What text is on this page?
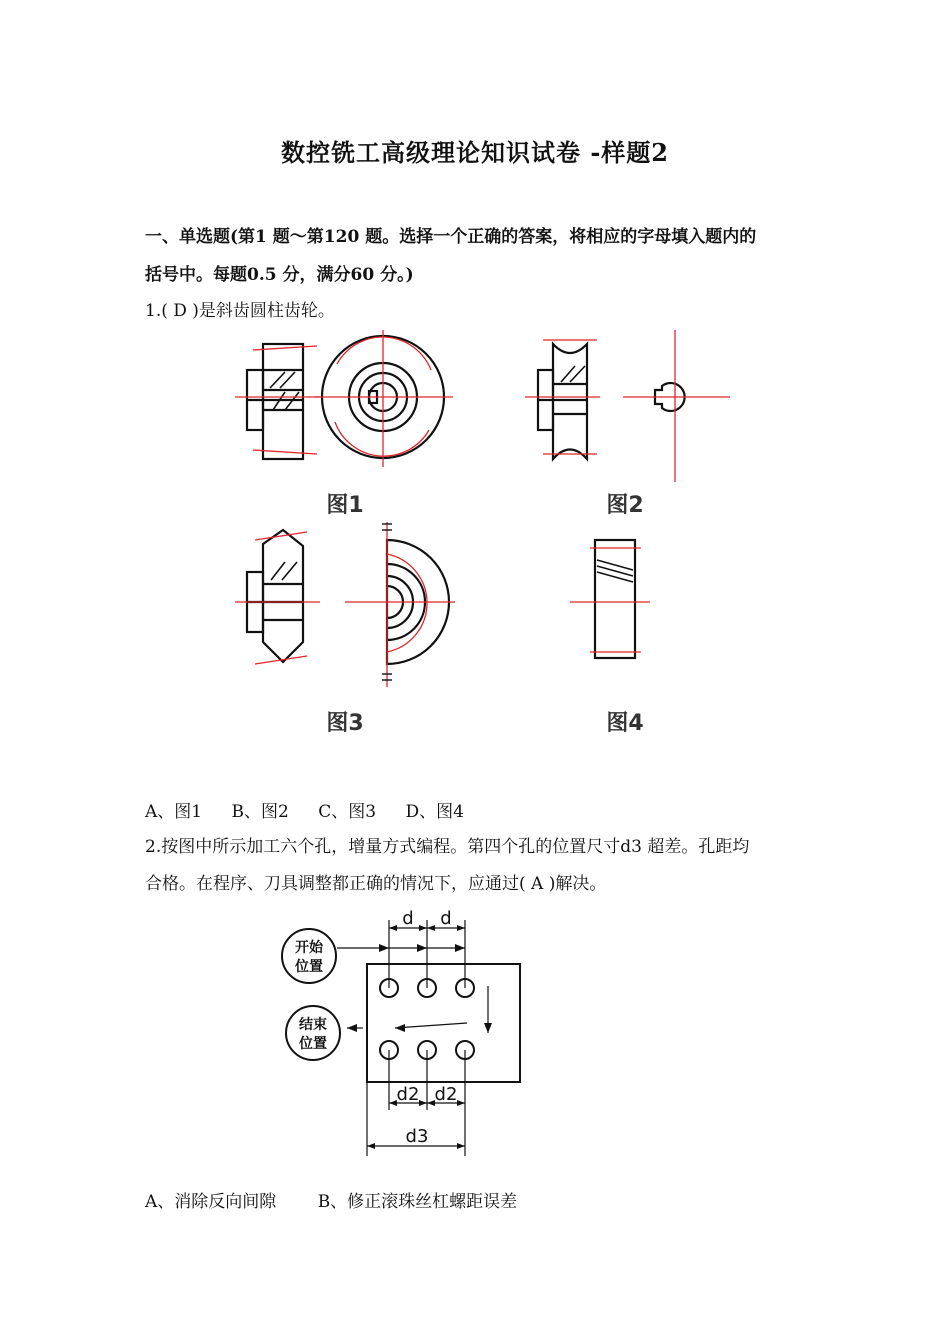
数控铣工高级理论知识试卷 -样题2
一、单选题(第1 题～第120 题。选择一个正确的答案，将相应的字母填入题内的
括号中。每题0.5 分，满分60 分。)
1.( D )是斜齿圆柱齿轮。
图1	图2
图3	图4
A、图1 B、图2 C、图3 D、图4
2.按图中所示加工六个孔，增量方式编程。第四个孔的位置尺寸d3 超差。孔距均
合格。在程序、刀具调整都正确的情况下，应通过( A )解决。
开始
位置
结束
位置
d d
d2 d2
d3
A、消除反向间隙 B、修正滚珠丝杠螺距误差
